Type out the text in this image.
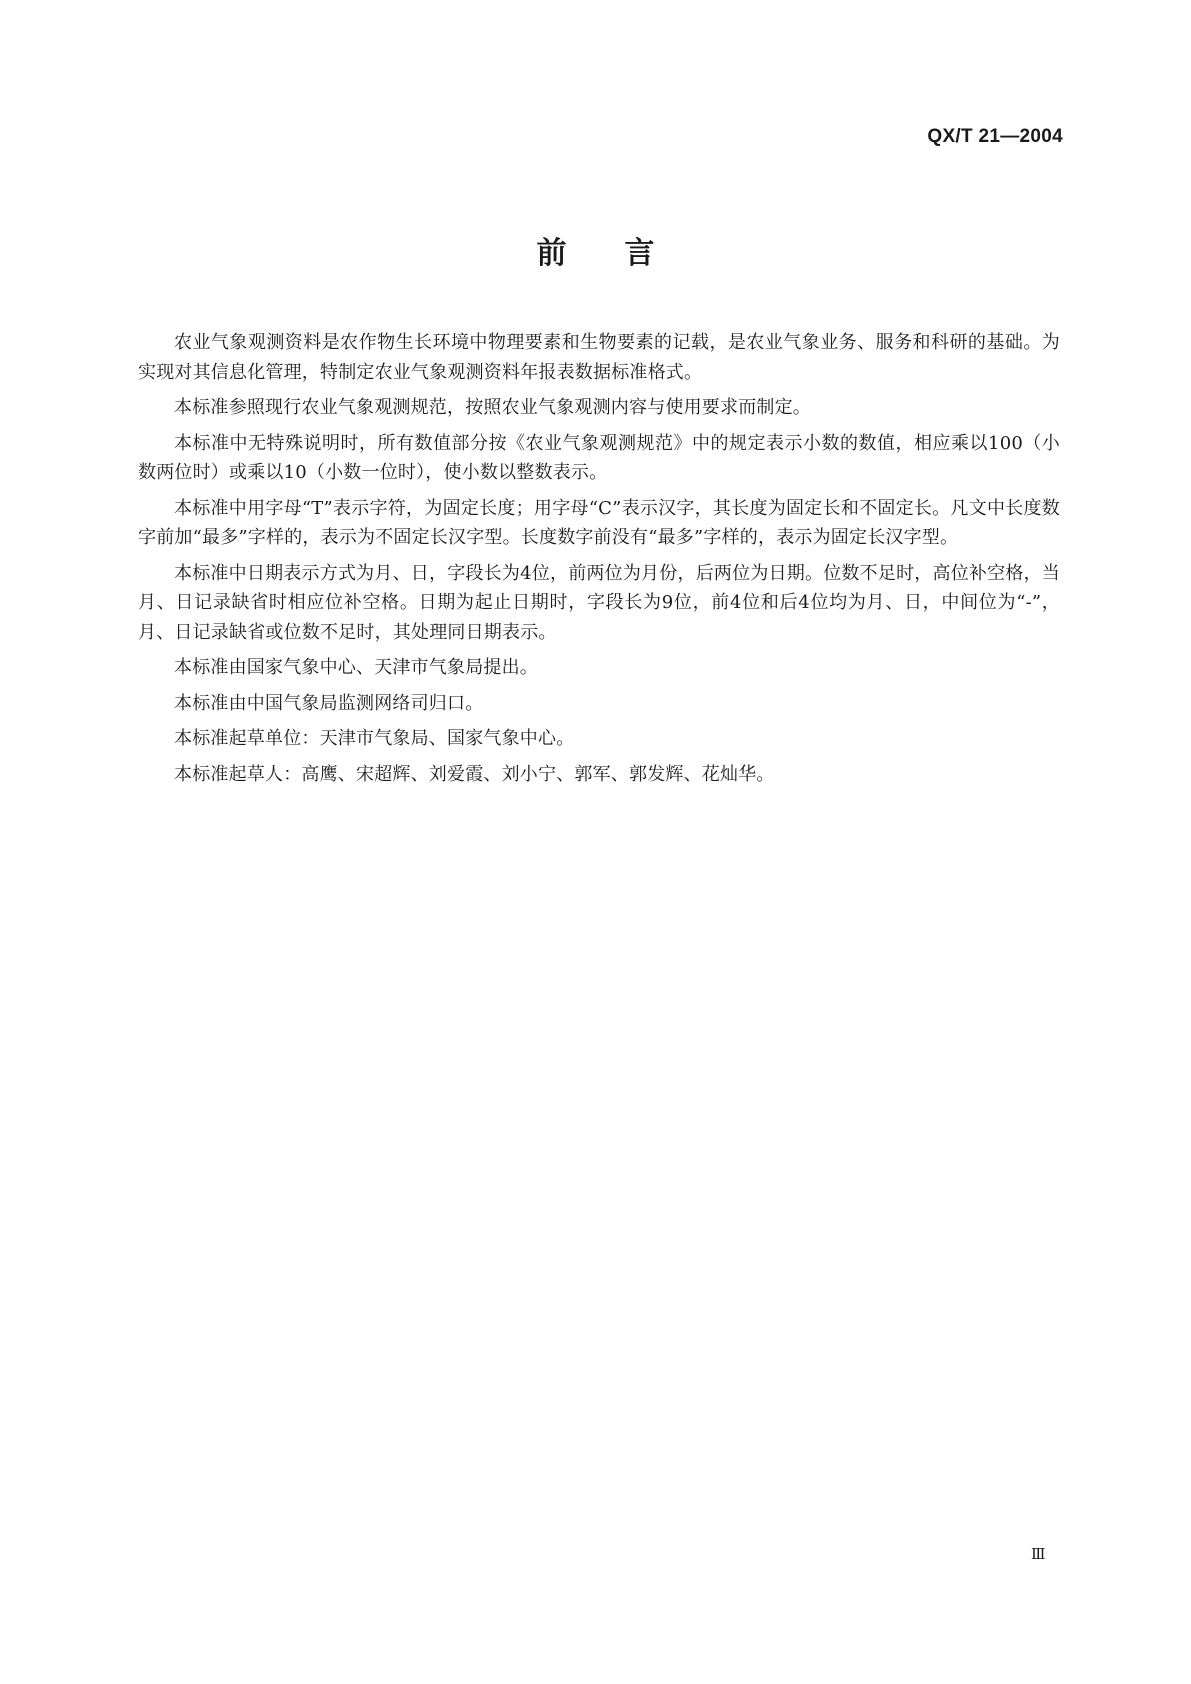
QX/T 21—2004
前言

农业气象观测资料是农作物生长环境中物理要素和生物要素的记载，是农业气象业务、服务和科研的基础。为实现对其信息化管理，特制定农业气象观测资料年报表数据标准格式。

本标准参照现行农业气象观测规范，按照农业气象观测内容与使用要求而制定。

本标准中无特殊说明时，所有数值部分按《农业气象观测规范》中的规定表示小数的数值，相应乘以100（小数两位时）或乘以10（小数一位时），使小数以整数表示。

本标准中用字母“T”表示字符，为固定长度；用字母“C”表示汉字，其长度为固定长和不固定长。凡文中长度数字前加“最多”字样的，表示为不固定长汉字型。长度数字前没有“最多”字样的，表示为固定长汉字型。

本标准中日期表示方式为月、日，字段长为4位，前两位为月份，后两位为日期。位数不足时，高位补空格，当月、日记录缺省时相应位补空格。日期为起止日期时，字段长为9位，前4位和后4位均为月、日，中间位为“-”，月、日记录缺省或位数不足时，其处理同日期表示。

本标准由国家气象中心、天津市气象局提出。

本标准由中国气象局监测网络司归口。

本标准起草单位：天津市气象局、国家气象中心。

本标准起草人：高鹰、宋超辉、刘爱霞、刘小宁、郭军、郭发辉、花灿华。

Ⅲ
